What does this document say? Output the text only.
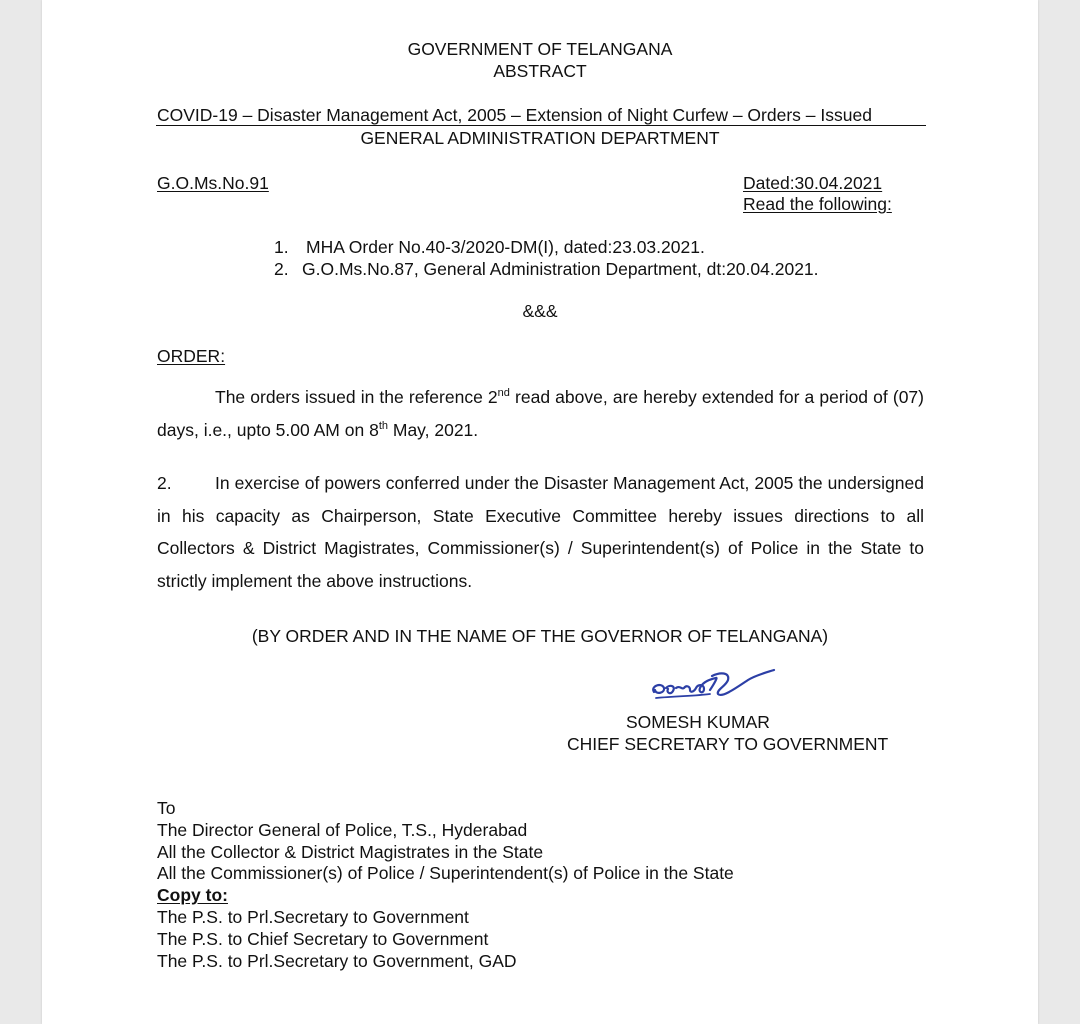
GOVERNMENT OF TELANGANA
ABSTRACT
COVID-19 – Disaster Management Act, 2005 – Extension of Night Curfew – Orders – Issued
GENERAL ADMINISTRATION DEPARTMENT
G.O.Ms.No.91	Dated:30.04.2021
Read the following:
1. MHA Order No.40-3/2020-DM(I), dated:23.03.2021.
2. G.O.Ms.No.87, General Administration Department, dt:20.04.2021.
&&&
ORDER:
The orders issued in the reference 2nd read above, are hereby extended for a period of (07) days, i.e., upto 5.00 AM on 8th May, 2021.
2. In exercise of powers conferred under the Disaster Management Act, 2005 the undersigned in his capacity as Chairperson, State Executive Committee hereby issues directions to all Collectors & District Magistrates, Commissioner(s) / Superintendent(s) of Police in the State to strictly implement the above instructions.
(BY ORDER AND IN THE NAME OF THE GOVERNOR OF TELANGANA)
SOMESH KUMAR
CHIEF SECRETARY TO GOVERNMENT
To
The Director General of Police, T.S., Hyderabad
All the Collector & District Magistrates in the State
All the Commissioner(s) of Police / Superintendent(s) of Police in the State
Copy to:
The P.S. to Prl.Secretary to Government
The P.S. to Chief Secretary to Government
The P.S. to Prl.Secretary to Government, GAD
